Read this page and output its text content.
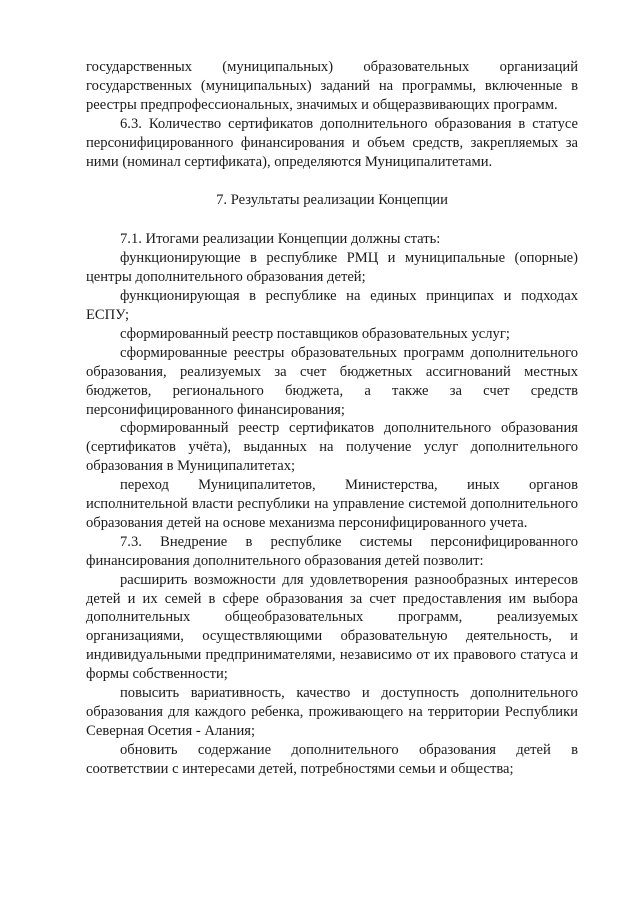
государственных (муниципальных) образовательных организаций государственных (муниципальных) заданий на программы, включенные в реестры предпрофессиональных, значимых и общеразвивающих программ.

6.3. Количество сертификатов дополнительного образования в статусе персонифицированного финансирования и объем средств, закрепляемых за ними (номинал сертификата), определяются Муниципалитетами.

7. Результаты реализации Концепции

7.1. Итогами реализации Концепции должны стать:

функционирующие в республике РМЦ и муниципальные (опорные) центры дополнительного образования детей;

функционирующая в республике на единых принципах и подходах ЕСПУ;

сформированный реестр поставщиков образовательных услуг;

сформированные реестры образовательных программ дополнительного образования, реализуемых за счет бюджетных ассигнований местных бюджетов, регионального бюджета, а также за счет средств персонифицированного финансирования;

сформированный реестр сертификатов дополнительного образования (сертификатов учёта), выданных на получение услуг дополнительного образования в Муниципалитетах;

переход Муниципалитетов, Министерства, иных органов исполнительной власти республики на управление системой дополнительного образования детей на основе механизма персонифицированного учета.

7.3. Внедрение в республике системы персонифицированного финансирования дополнительного образования детей позволит:

расширить возможности для удовлетворения разнообразных интересов детей и их семей в сфере образования за счет предоставления им выбора дополнительных общеобразовательных программ, реализуемых организациями, осуществляющими образовательную деятельность, и индивидуальными предпринимателями, независимо от их правового статуса и формы собственности;

повысить вариативность, качество и доступность дополнительного образования для каждого ребенка, проживающего на территории Республики Северная Осетия - Алания;

обновить содержание дополнительного образования детей в соответствии с интересами детей, потребностями семьи и общества;
